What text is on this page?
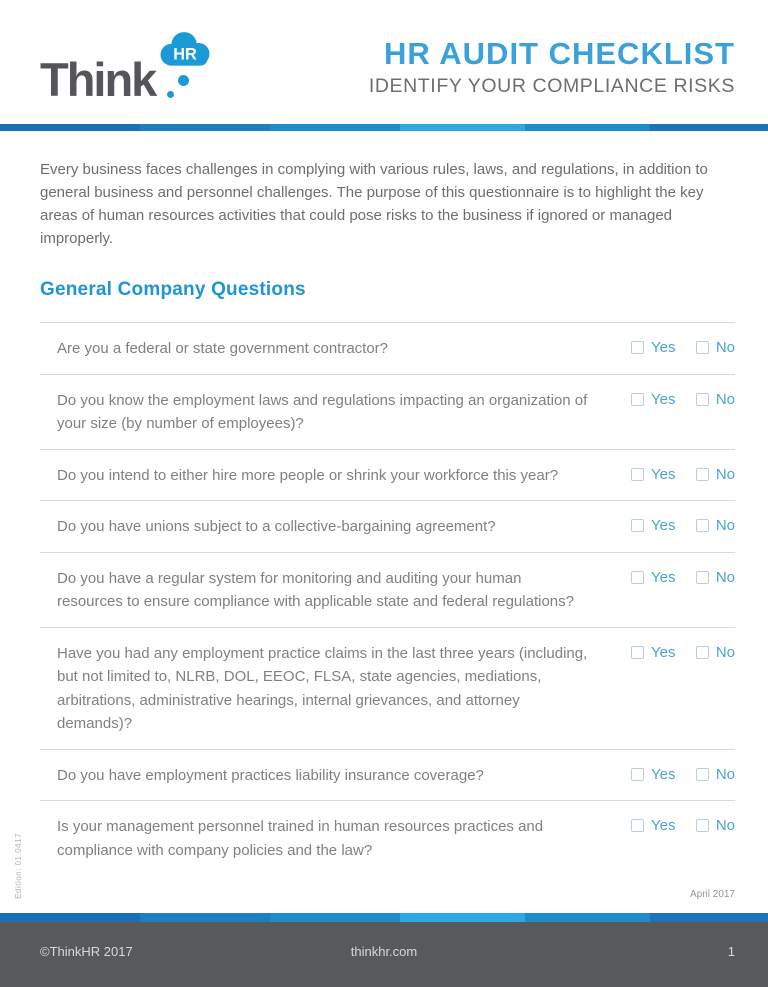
Think HR	HR AUDIT CHECKLIST
IDENTIFY YOUR COMPLIANCE RISKS

Every business faces challenges in complying with various rules, laws, and regulations, in addition to general business and personnel challenges. The purpose of this questionnaire is to highlight the key areas of human resources activities that could pose risks to the business if ignored or managed improperly.

General Company Questions
Are you a federal or state government contractor?	Yes	No
Do you know the employment laws and regulations impacting an organization of your size (by number of employees)?
Yes	No
Do you intend to either hire more people or shrink your workforce this year?	Yes	No
Do you have unions subject to a collective-bargaining agreement?	Yes	No
Do you have a regular system for monitoring and auditing your human resources to ensure compliance with applicable state and federal regulations?
Yes	No
Have you had any employment practice claims in the last three years (including, but not limited to, NLRB, DOL, EEOC, FLSA, state agencies, mediations, arbitrations, administrative hearings, internal grievances, and attorney demands)?
Yes	No
Do you have employment practices liability insurance coverage?	Yes	No
Is your management personnel trained in human resources practices and compliance with company policies and the law?
Yes	No
Edition: 01.0417	April 2017
thinkhr.com
©ThinkHR 2017	1
